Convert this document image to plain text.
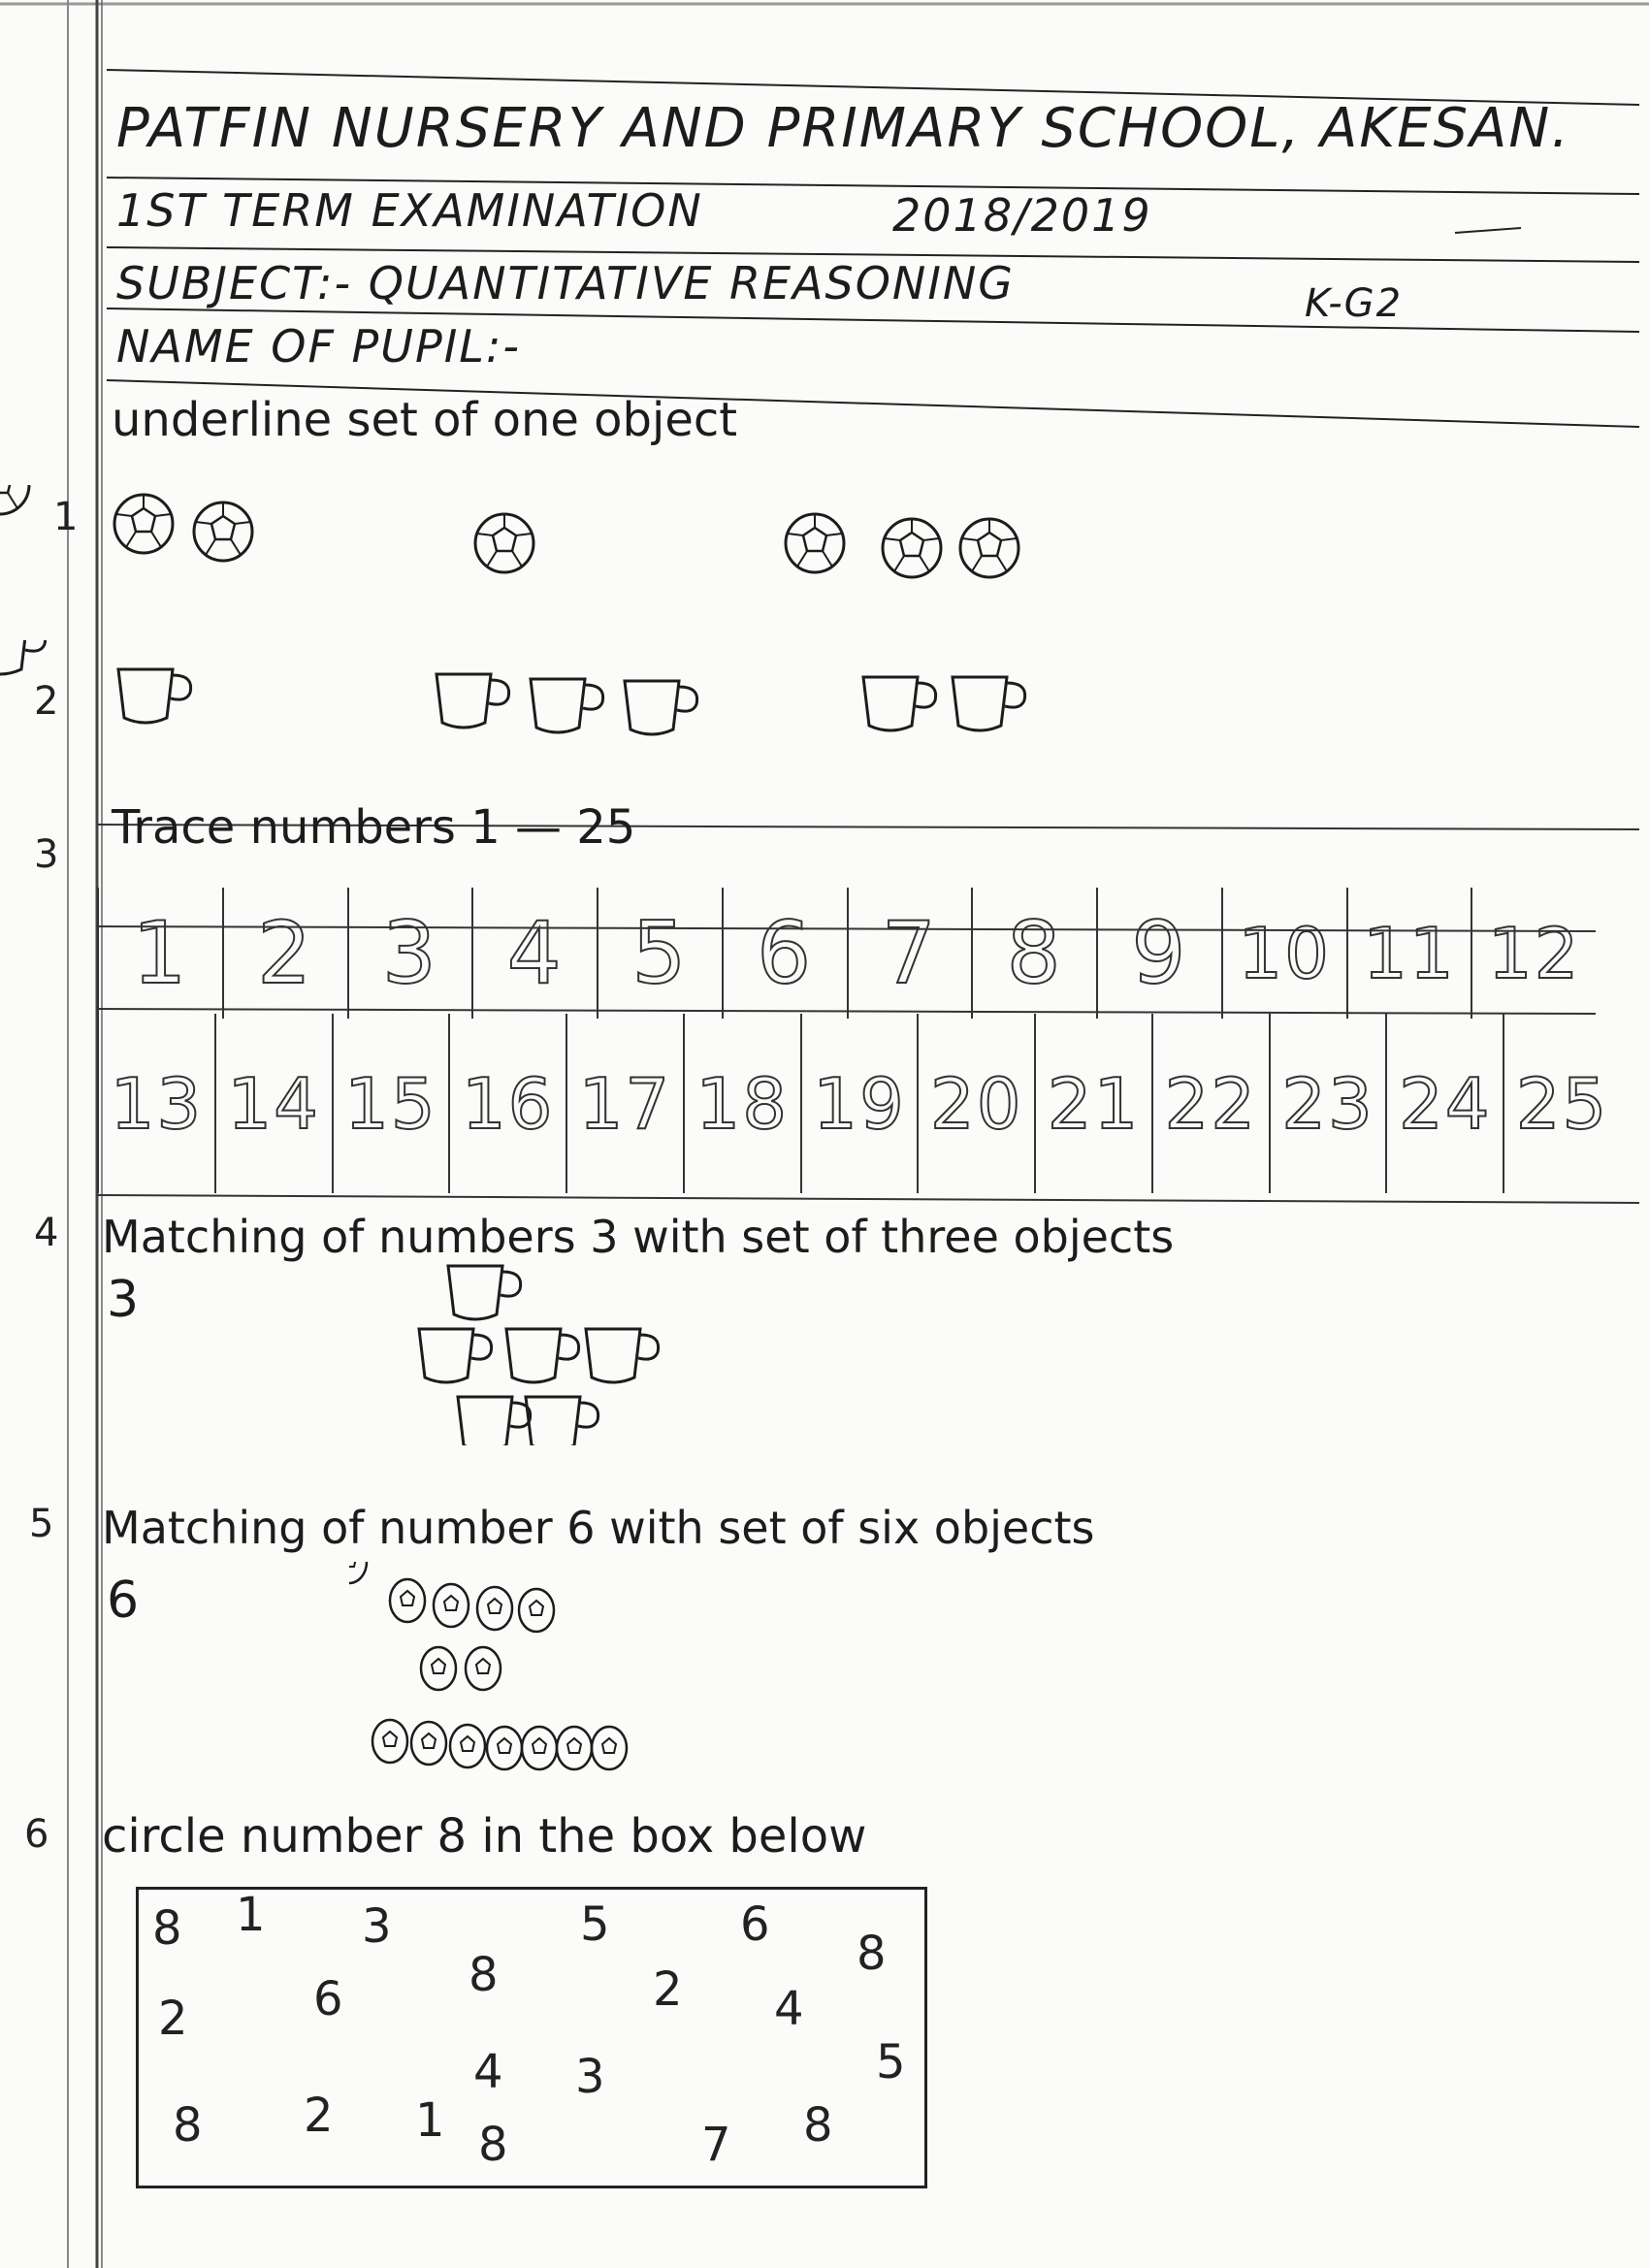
PATFIN NURSERY AND PRIMARY SCHOOL, AKESAN.
1ST TERM EXAMINATION	2018/2019
SUBJECT:- QUANTITATIVE REASONING	K-G2
NAME OF PUPIL:-
underline set of one object
1
2
3 Trace numbers 1 — 25
1 2 3 4 5 6 7 8 9 10 11 12
13 14 15 16 17 18 19 20 21 22 23 24 25
4 Matching of numbers 3 with set of three objects
3
5 Matching of number 6 with set of six objects
6
6 circle number 8 in the box below
8 1 3	5	6
8
2	6	8	2 4
4 3	5
8 2 1 8	7 8
